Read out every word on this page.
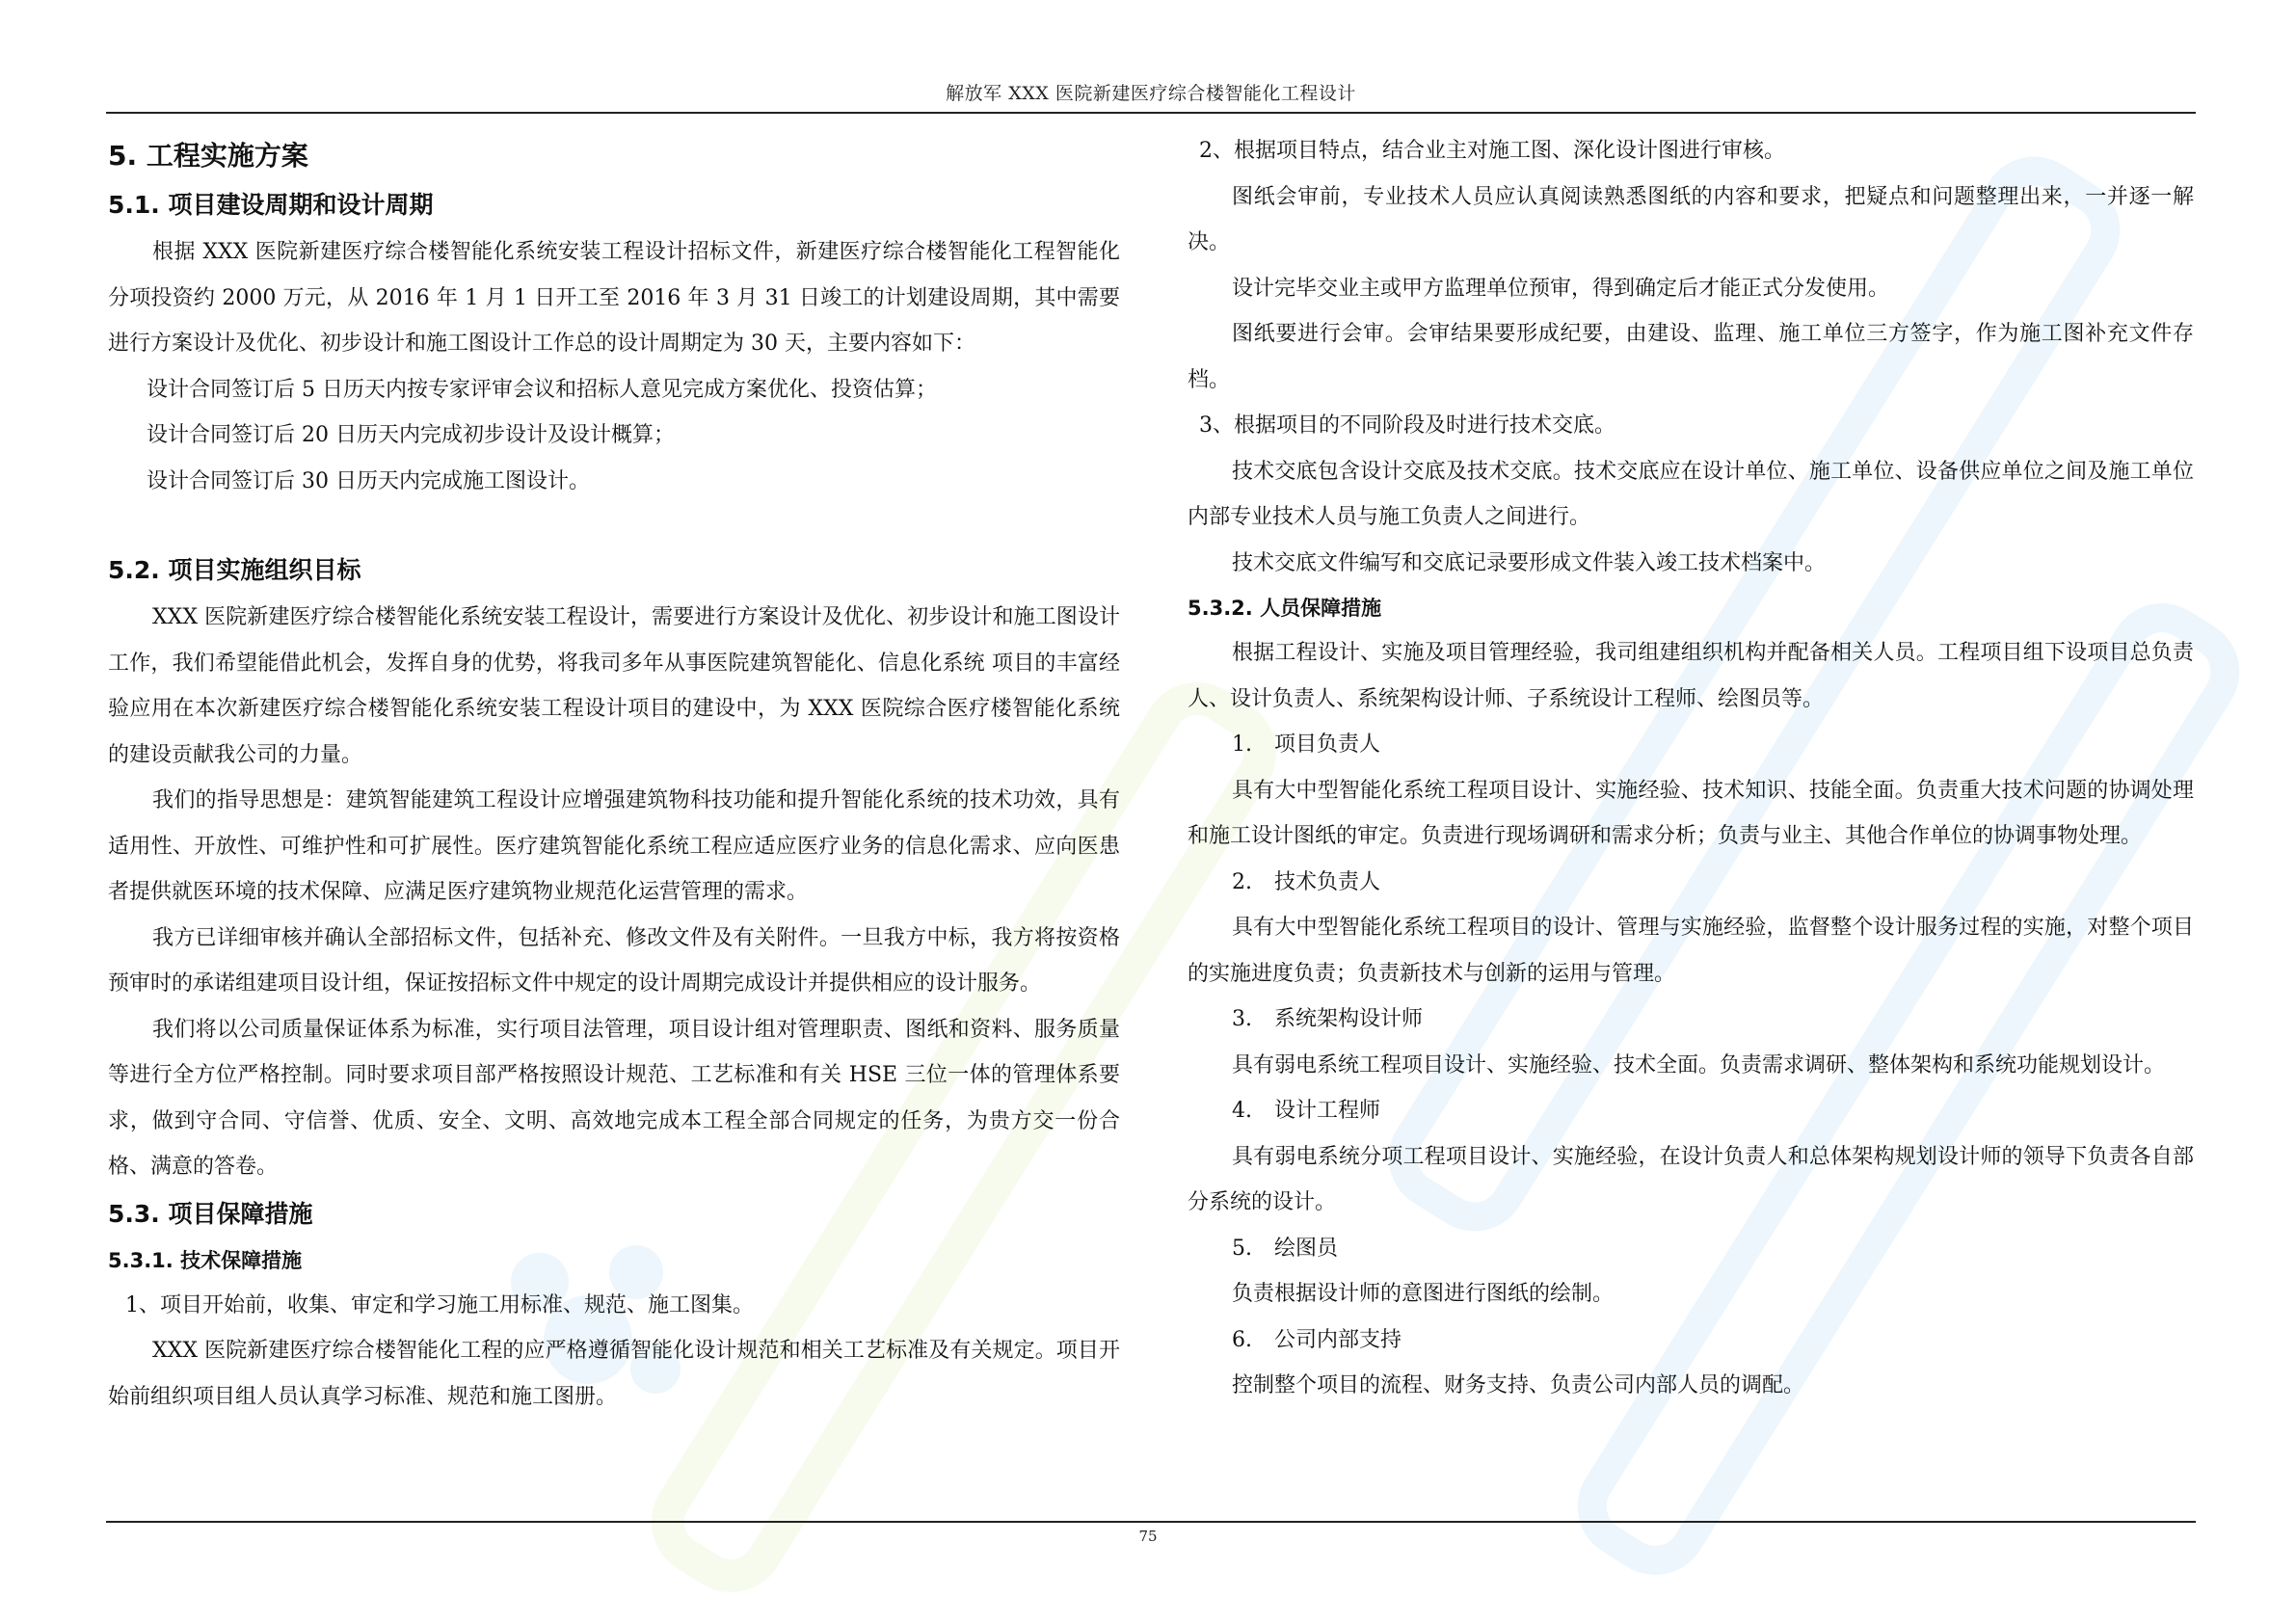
解放军 XXX 医院新建医疗综合楼智能化工程设计

5. 工程实施方案

5.1. 项目建设周期和设计周期

根据 XXX 医院新建医疗综合楼智能化系统安装工程设计招标文件，新建医疗综合楼智能化工程智能化分项投资约 2000 万元，从 2016 年 1 月 1 日开工至 2016 年 3 月 31 日竣工的计划建设周期，其中需要进行方案设计及优化、初步设计和施工图设计工作总的设计周期定为 30 天，主要内容如下：

设计合同签订后 5 日历天内按专家评审会议和招标人意见完成方案优化、投资估算；

设计合同签订后 20 日历天内完成初步设计及设计概算；

设计合同签订后 30 日历天内完成施工图设计。

5.2. 项目实施组织目标

XXX 医院新建医疗综合楼智能化系统安装工程设计，需要进行方案设计及优化、初步设计和施工图设计工作，我们希望能借此机会，发挥自身的优势，将我司多年从事医院建筑智能化、信息化系统 项目的丰富经验应用在本次新建医疗综合楼智能化系统安装工程设计项目的建设中，为 XXX 医院综合医疗楼智能化系统的建设贡献我公司的力量。

我们的指导思想是：建筑智能建筑工程设计应增强建筑物科技功能和提升智能化系统的技术功效，具有适用性、开放性、可维护性和可扩展性。医疗建筑智能化系统工程应适应医疗业务的信息化需求、应向医患者提供就医环境的技术保障、应满足医疗建筑物业规范化运营管理的需求。

我方已详细审核并确认全部招标文件，包括补充、修改文件及有关附件。一旦我方中标，我方将按资格预审时的承诺组建项目设计组，保证按招标文件中规定的设计周期完成设计并提供相应的设计服务。

我们将以公司质量保证体系为标准，实行项目法管理，项目设计组对管理职责、图纸和资料、服务质量等进行全方位严格控制。同时要求项目部严格按照设计规范、工艺标准和有关 HSE 三位一体的管理体系要求，做到守合同、守信誉、优质、安全、文明、高效地完成本工程全部合同规定的任务，为贵方交一份合格、满意的答卷。

5.3. 项目保障措施

5.3.1. 技术保障措施

1、项目开始前，收集、审定和学习施工用标准、规范、施工图集。

XXX 医院新建医疗综合楼智能化工程的应严格遵循智能化设计规范和相关工艺标准及有关规定。项目开始前组织项目组人员认真学习标准、规范和施工图册。

2、根据项目特点，结合业主对施工图、深化设计图进行审核。

图纸会审前，专业技术人员应认真阅读熟悉图纸的内容和要求，把疑点和问题整理出来，一并逐一解决。

设计完毕交业主或甲方监理单位预审，得到确定后才能正式分发使用。

图纸要进行会审。会审结果要形成纪要，由建设、监理、施工单位三方签字，作为施工图补充文件存档。

3、根据项目的不同阶段及时进行技术交底。

技术交底包含设计交底及技术交底。技术交底应在设计单位、施工单位、设备供应单位之间及施工单位内部专业技术人员与施工负责人之间进行。

技术交底文件编写和交底记录要形成文件装入竣工技术档案中。

5.3.2. 人员保障措施

根据工程设计、实施及项目管理经验，我司组建组织机构并配备相关人员。工程项目组下设项目总负责人、设计负责人、系统架构设计师、子系统设计工程师、绘图员等。

1. 项目负责人

具有大中型智能化系统工程项目设计、实施经验、技术知识、技能全面。负责重大技术问题的协调处理和施工设计图纸的审定。负责进行现场调研和需求分析；负责与业主、其他合作单位的协调事物处理。

2. 技术负责人

具有大中型智能化系统工程项目的设计、管理与实施经验，监督整个设计服务过程的实施，对整个项目的实施进度负责；负责新技术与创新的运用与管理。

3. 系统架构设计师

具有弱电系统工程项目设计、实施经验、技术全面。负责需求调研、整体架构和系统功能规划设计。

4. 设计工程师

具有弱电系统分项工程项目设计、实施经验，在设计负责人和总体架构规划设计师的领导下负责各自部分系统的设计。

5. 绘图员

负责根据设计师的意图进行图纸的绘制。

6. 公司内部支持

控制整个项目的流程、财务支持、负责公司内部人员的调配。

75
